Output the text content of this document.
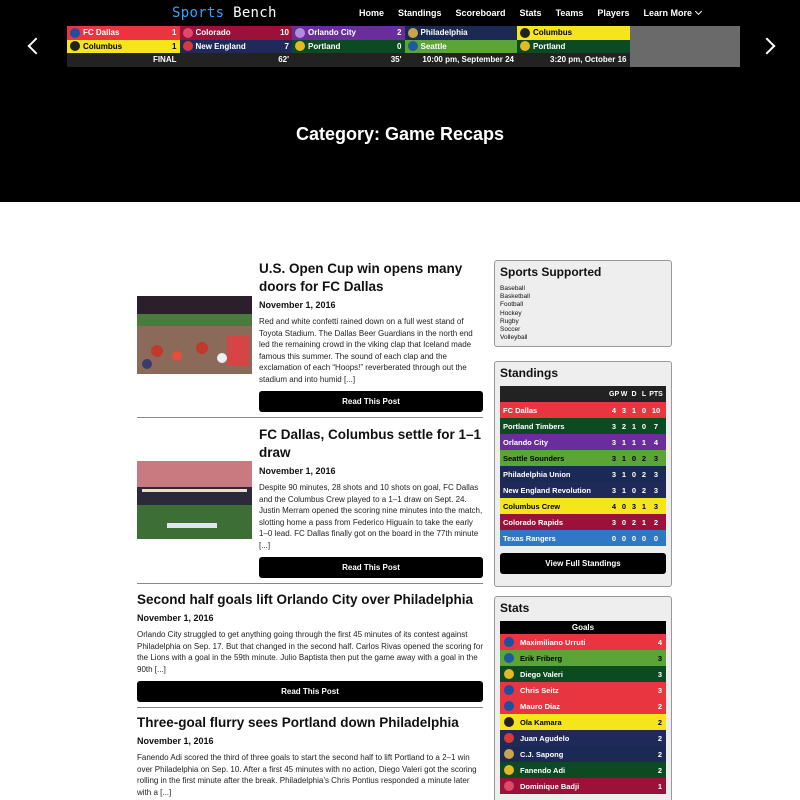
Sports Bench	Home Standings Scoreboard Stats Teams Players Learn More
FC Dallas	1
Columbus	1
FINAL
Colorado	10
New England	7
62'
Orlando City	2
Portland	0
35'
Philadelphia
Seattle
10:00 pm, September 24
Columbus
Portland
3:20 pm, October 16
Category: Game Recaps
U.S. Open Cup win opens many doors for FC Dallas
November 1, 2016

Red and white confetti rained down on a full west stand of Toyota Stadium. The Dallas Beer Guardians in the north end led the remaining crowd in the viking clap that Iceland made famous this summer. The sound of each clap and the exclamation of each “Hoops!” reverberated through out the stadium and into humid [...]

Read This Post
FC Dallas, Columbus settle for 1–1 draw
November 1, 2016

Despite 90 minutes, 28 shots and 10 shots on goal, FC Dallas and the Columbus Crew played to a 1–1 draw on Sept. 24. Justin Merram opened the scoring nine minutes into the match, slotting home a pass from Federico Higuaín to take the early 1–0 lead. FC Dallas finally got on the board in the 77th minute [...]

Read This Post
Second half goals lift Orlando City over Philadelphia
November 1, 2016

Orlando City struggled to get anything going through the first 45 minutes of its contest against Philadelphia on Sep. 17. But that changed in the second half. Carlos Rivas opened the scoring for the Lions with a goal in the 59th minute. Julio Baptista then put the game away with a goal in the 90th [...]

Read This Post
Three-goal flurry sees Portland down Philadelphia
November 1, 2016

Fanendo Adi scored the third of three goals to start the second half to lift Portland to a 2–1 win over Philadelphia on Sep. 10. After a first 45 minutes with no action, Diego Valeri got the scoring rolling in the first minute after the break. Philadelphia’s Chris Pontius responded a minute later with a [...]

Sports Supported
Baseball
Basketball
Football
Hockey
Rugby
Soccer
Volleyball
Standings
GP W D L PTS
FC Dallas	4 3 1 0 10
Portland Timbers	3 2 1 0	7
Orlando City	3 1 1 1	4
Seattle Sounders	3 1 0 2	3
Philadelphia Union	3 1 0 2	3
New England Revolution	3 1 0 2	3
Columbus Crew	4 0 3 1	3
Colorado Rapids	3 0 2 1	2
Texas Rangers	0 0 0 0	0
View Full Standings
Stats
Goals
Maximiliano Urruti	4
Erik Friberg	3
Diego Valeri	3
Chris Seitz	3
Mauro Diaz	2
Ola Kamara	2
Juan Agudelo	2
C.J. Sapong	2
Fanendo Adi	2
Dominique Badji	1
